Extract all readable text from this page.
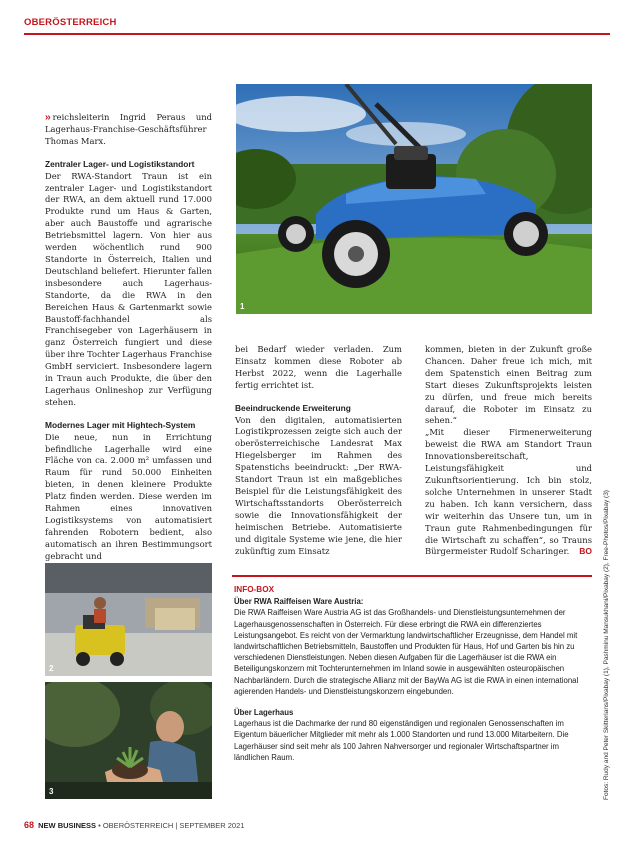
OBERÖSTERREICH
1

›› reichsleiterin Ingrid Peraus und Lagerhaus-Franchise-Geschäftsführer Thomas Marx.

Zentraler Lager- und Logistikstandort

Der RWA-Standort Traun ist ein zentraler Lager- und Logistikstandort der RWA, an dem aktuell rund 17.000 Produkte rund um Haus & Garten, aber auch Baustoffe und agrarische Betriebsmittel lagern. Von hier aus werden wöchentlich rund 900 Standorte in Österreich, Italien und Deutschland beliefert. Hierunter fallen insbesondere auch Lagerhaus-Standorte, da die RWA in den Bereichen Haus & Gartenmarkt sowie Baustoff-fachhandel als Franchisegeber von Lagerhäusern in ganz Österreich fungiert und diese über ihre Tochter Lagerhaus Franchise GmbH serviciert. Insbesondere lagern in Traun auch Produkte, die über den Lagerhaus Onlineshop zur Verfügung stehen.

Modernes Lager mit Hightech-System

Die neue, nun in Errichtung befindliche Lagerhalle wird eine Fläche von ca. 2.000 m² umfassen und Raum für rund 50.000 Einheiten bieten, in denen kleinere Produkte Platz finden werden. Diese werden im Rahmen eines innovativen Logistiksystems von automatisiert fahrenden Robotern bedient, also automatisch an ihren Bestimmungsort gebracht und

bei Bedarf wieder verladen. Zum Einsatz kommen diese Roboter ab Herbst 2022, wenn die Lagerhalle fertig errichtet ist.

Beeindruckende Erweiterung

Von den digitalen, automatisierten Logistikprozessen zeigte sich auch der oberösterreichische Landesrat Max Hiegelsberger im Rahmen des Spatenstichs beeindruckt: „Der RWA-Standort Traun ist ein maßgebliches Beispiel für die Leistungsfähigkeit des Wirtschaftsstandorts Oberösterreich sowie die Innovationsfähigkeit der heimischen Betriebe. Automatisierte und digitale Systeme wie jene, die hier zukünftig zum Einsatz

kommen, bieten in der Zukunft große Chancen. Daher freue ich mich, mit dem Spatenstich einen Beitrag zum Start dieses Zukunftsprojekts leisten zu dürfen, und freue mich bereits darauf, die Roboter im Einsatz zu sehen.“

„Mit dieser Firmenerweiterung beweist die RWA am Standort Traun Innovationsbereitschaft, Leistungsfähigkeit und Zukunftsorientierung. Ich bin stolz, solche Unternehmen in unserer Stadt zu haben. Ich kann versichern, dass wir weiterhin das Unsere tun, um in Traun gute Rahmenbedingungen für die Wirtschaft zu schaffen“, so Trauns Bürgermeister Rudolf Scharinger. BO

2
3

INFO-BOX

Über RWA Raiffeisen Ware Austria:

Die RWA Raiffeisen Ware Austria AG ist das Großhandels- und Dienstleistungsunternehmen der Lagerhausgenossenschaften in Österreich. Für diese erbringt die RWA ein differenziertes Leistungsangebot. Es reicht von der Vermarktung landwirtschaftlicher Erzeugnisse, dem Handel mit landwirtschaftlichen Betriebsmitteln, Baustoffen und Produkten für Haus, Hof und Garten bis hin zu verschiedenen Dienstleistungen. Neben diesen Aufgaben für die Lagerhäuser ist die RWA ein Beteiligungskonzern mit Tochterunternehmen im Inland sowie in ausgewählten osteuropäischen Nachbarländern. Durch die strategische Allianz mit der BayWa AG ist die RWA in einen international agierenden Handels- und Dienstleistungskonzern eingebunden.

Über Lagerhaus

Lagerhaus ist die Dachmarke der rund 80 eigenständigen und regionalen Genossenschaften im Eigentum bäuerlicher Mitglieder mit mehr als 1.000 Standorten und rund 13.000 Mitarbeitern. Die Lagerhäuser sind seit mehr als 100 Jahren Nahversorger und regionaler Wirtschaftspartner im ländlichen Raum.	Fotos: Rudy and Peter Skitterians/Pixabay (1), Pashminu Mansukhani/Pixabay (2), Free-Photos/Pixabay (3)
68 NEW BUSINESS • OBERÖSTERREICH | SEPTEMBER 2021
